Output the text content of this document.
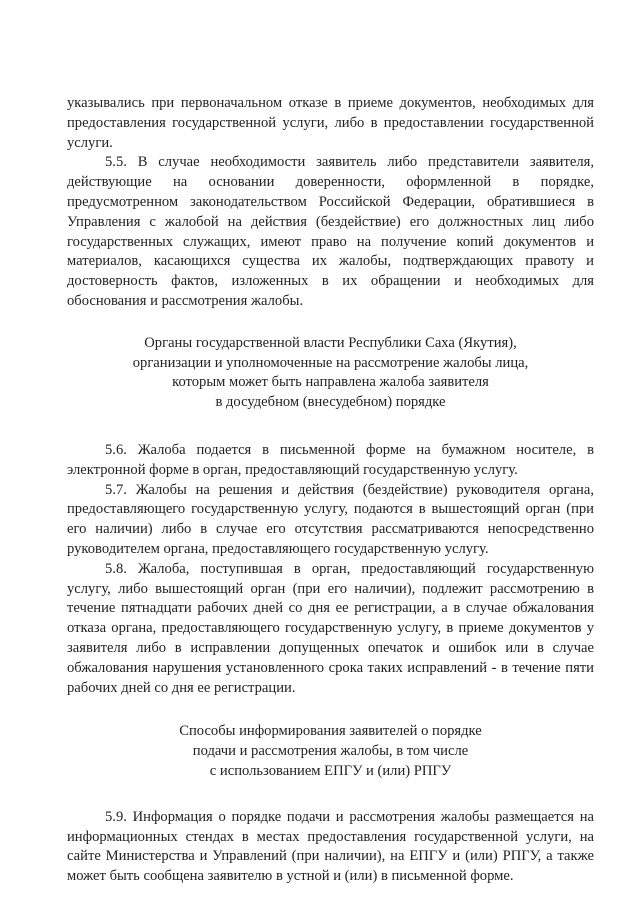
указывались при первоначальном отказе в приеме документов, необходимых для предоставления государственной услуги, либо в предоставлении государственной услуги.

5.5. В случае необходимости заявитель либо представители заявителя, действующие на основании доверенности, оформленной в порядке, предусмотренном законодательством Российской Федерации, обратившиеся в Управления с жалобой на действия (бездействие) его должностных лиц либо государственных служащих, имеют право на получение копий документов и материалов, касающихся существа их жалобы, подтверждающих правоту и достоверность фактов, изложенных в их обращении и необходимых для обоснования и рассмотрения жалобы.

Органы государственной власти Республики Саха (Якутия),
организации и уполномоченные на рассмотрение жалобы лица,
которым может быть направлена жалоба заявителя
в досудебном (внесудебном) порядке

5.6. Жалоба подается в письменной форме на бумажном носителе, в электронной форме в орган, предоставляющий государственную услугу.

5.7. Жалобы на решения и действия (бездействие) руководителя органа, предоставляющего государственную услугу, подаются в вышестоящий орган (при его наличии) либо в случае его отсутствия рассматриваются непосредственно руководителем органа, предоставляющего государственную услугу.

5.8. Жалоба, поступившая в орган, предоставляющий государственную услугу, либо вышестоящий орган (при его наличии), подлежит рассмотрению в течение пятнадцати рабочих дней со дня ее регистрации, а в случае обжалования отказа органа, предоставляющего государственную услугу, в приеме документов у заявителя либо в исправлении допущенных опечаток и ошибок или в случае обжалования нарушения установленного срока таких исправлений - в течение пяти рабочих дней со дня ее регистрации.

Способы информирования заявителей о порядке
подачи и рассмотрения жалобы, в том числе
с использованием ЕПГУ и (или) РПГУ

5.9. Информация о порядке подачи и рассмотрения жалобы размещается на информационных стендах в местах предоставления государственной услуги, на сайте Министерства и Управлений (при наличии), на ЕПГУ и (или) РПГУ, а также может быть сообщена заявителю в устной и (или) в письменной форме.
